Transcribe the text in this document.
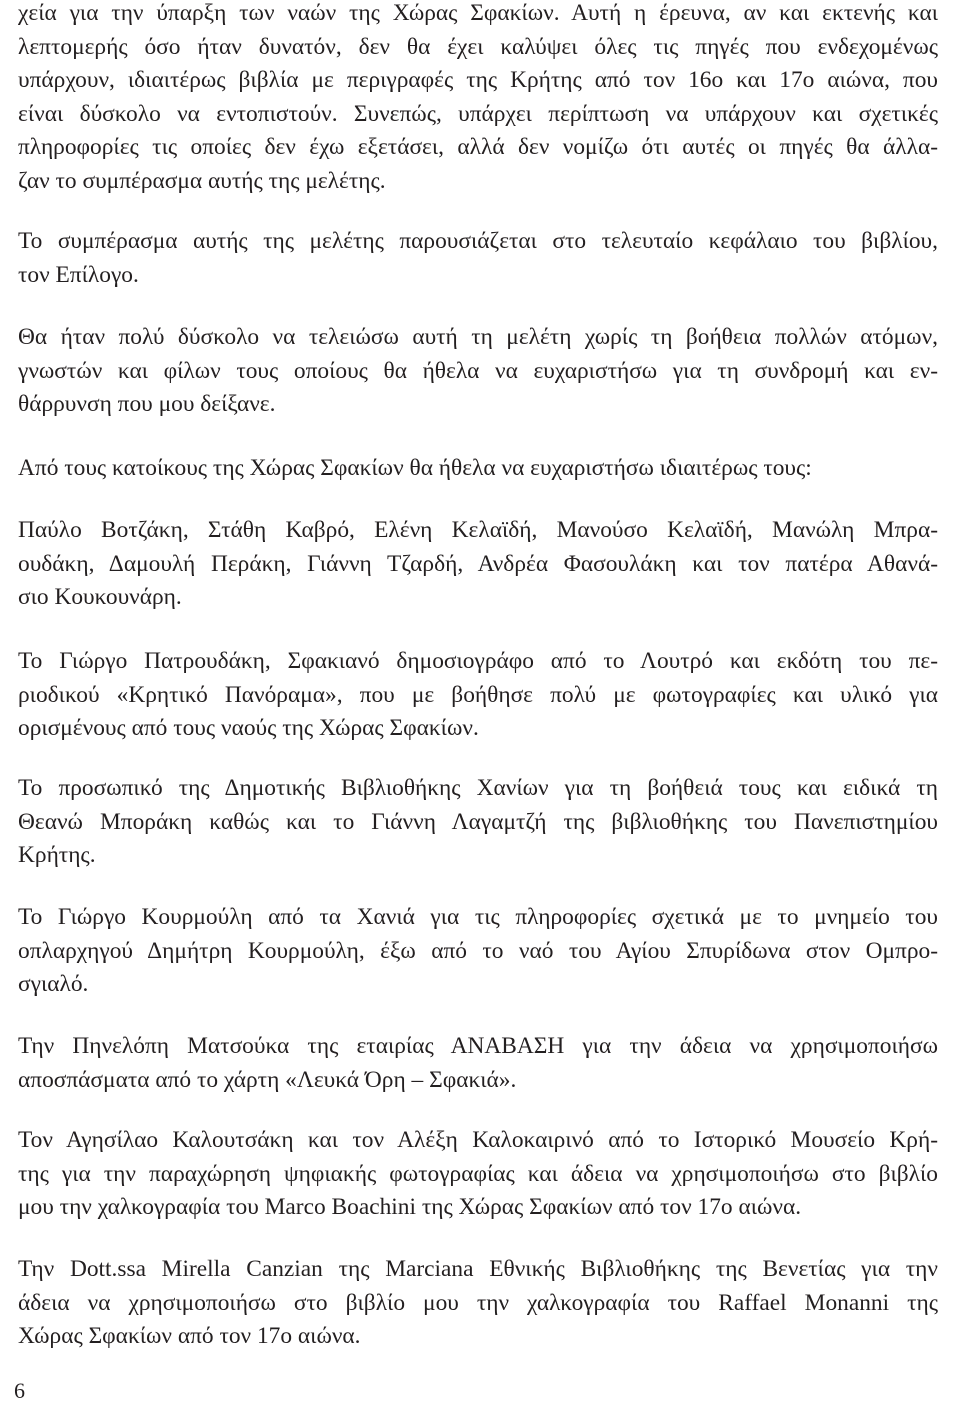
χεία για την ύπαρξη των ναών της Χώρας Σφακίων. Αυτή η έρευνα, αν και εκτενής και
λεπτομερής όσο ήταν δυνατόν, δεν θα έχει καλύψει όλες τις πηγές που ενδεχομένως
υπάρχουν, ιδιαιτέρως βιβλία με περιγραφές της Κρήτης από τον 16ο και 17ο αιώνα, που
είναι δύσκολο να εντοπιστούν. Συνεπώς, υπάρχει περίπτωση να υπάρχουν και σχετικές
πληροφορίες τις οποίες δεν έχω εξετάσει, αλλά δεν νομίζω ότι αυτές οι πηγές θα άλλα-
ζαν το συμπέρασμα αυτής της μελέτης.

Το συμπέρασμα αυτής της μελέτης παρουσιάζεται στο τελευταίο κεφάλαιο του βιβλίου,
τον Επίλογο.

Θα ήταν πολύ δύσκολο να τελειώσω αυτή τη μελέτη χωρίς τη βοήθεια πολλών ατόμων,
γνωστών και φίλων τους οποίους θα ήθελα να ευχαριστήσω για τη συνδρομή και εν-
θάρρυνση που μου δείξανε.

Από τους κατοίκους της Χώρας Σφακίων θα ήθελα να ευχαριστήσω ιδιαιτέρως τους:

Παύλο Βοτζάκη, Στάθη Καβρό, Ελένη Κελαϊδή, Μανούσο Κελαϊδή, Μανώλη Μπρα-
ουδάκη, Δαμουλή Περάκη, Γιάννη Τζαρδή, Ανδρέα Φασουλάκη και τον πατέρα Αθανά-
σιο Κουκουνάρη.

Το Γιώργο Πατρουδάκη, Σφακιανό δημοσιογράφο από το Λουτρό και εκδότη του πε-
ριοδικού «Κρητικό Πανόραμα», που με βοήθησε πολύ με φωτογραφίες και υλικό για
ορισμένους από τους ναούς της Χώρας Σφακίων.

Το προσωπικό της Δημοτικής Βιβλιοθήκης Χανίων για τη βοήθειά τους και ειδικά τη
Θεανώ Μποράκη καθώς και το Γιάννη Λαγαμτζή της βιβλιοθήκης του Πανεπιστημίου
Κρήτης.

Το Γιώργο Κουρμούλη από τα Χανιά για τις πληροφορίες σχετικά με το μνημείο του
οπλαρχηγού Δημήτρη Κουρμούλη, έξω από το ναό του Αγίου Σπυρίδωνα στον Ομπρο-
σγιαλό.

Την Πηνελόπη Ματσούκα της εταιρίας ΑΝΑΒΑΣΗ για την άδεια να χρησιμοποιήσω
αποσπάσματα από το χάρτη «Λευκά Όρη – Σφακιά».

Τον Αγησίλαο Καλουτσάκη και τον Αλέξη Καλοκαιρινό από το Ιστορικό Μουσείο Κρή-
της για την παραχώρηση ψηφιακής φωτογραφίας και άδεια να χρησιμοποιήσω στο βιβλίο
μου την χαλκογραφία του Marco Boachini της Χώρας Σφακίων από τον 17ο αιώνα.

Την Dott.ssa Mirella Canzian της Marciana Εθνικής Βιβλιοθήκης της Βενετίας για την
άδεια να χρησιμοποιήσω στο βιβλίο μου την χαλκογραφία του Raffael Monanni της
Χώρας Σφακίων από τον 17ο αιώνα.

6
